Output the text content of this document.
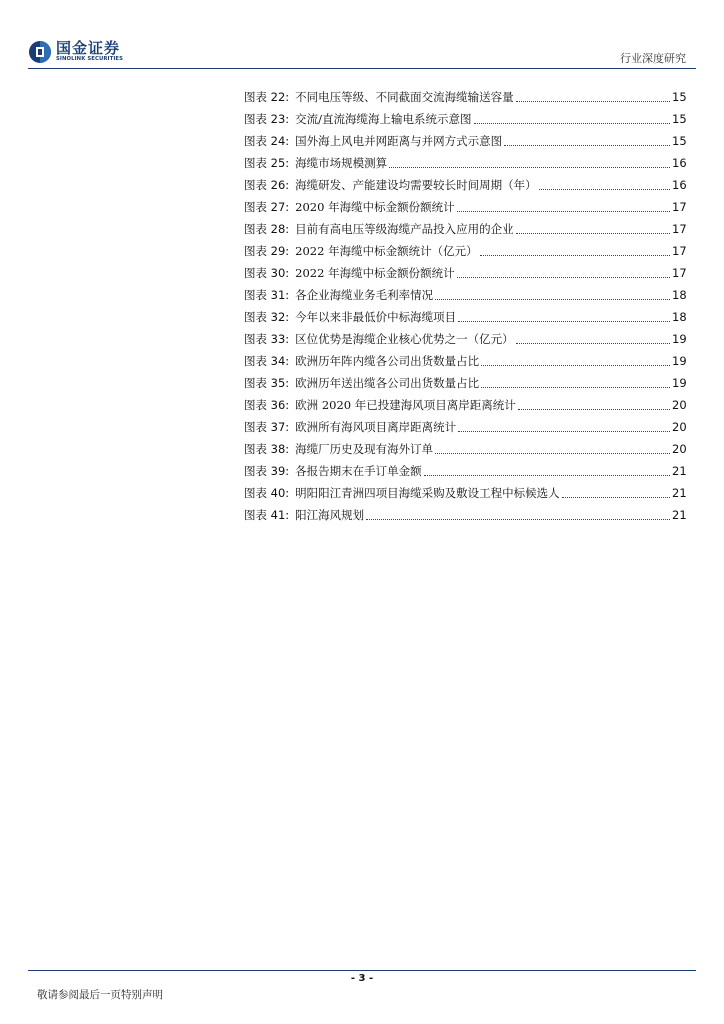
国金证券
SINOLINK SECURITIES	行业深度研究
图表 22: 不同电压等级、不同截面交流海缆输送容量	15
图表 23: 交流/直流海缆海上输电系统示意图	15
图表 24: 国外海上风电并网距离与并网方式示意图	15
图表 25: 海缆市场规模测算	16
图表 26: 海缆研发、产能建设均需要较长时间周期（年）	16
图表 27: 2020 年海缆中标金额份额统计	17
图表 28: 目前有高电压等级海缆产品投入应用的企业	17
图表 29: 2022 年海缆中标金额统计（亿元）	17
图表 30: 2022 年海缆中标金额份额统计	17
图表 31: 各企业海缆业务毛利率情况	18
图表 32: 今年以来非最低价中标海缆项目	18
图表 33: 区位优势是海缆企业核心优势之一（亿元）	19
图表 34: 欧洲历年阵内缆各公司出货数量占比	19
图表 35: 欧洲历年送出缆各公司出货数量占比	19
图表 36: 欧洲 2020 年已投建海风项目离岸距离统计	20
图表 37: 欧洲所有海风项目离岸距离统计	20
图表 38: 海缆厂历史及现有海外订单	20
图表 39: 各报告期末在手订单金额	21
图表 40: 明阳阳江青洲四项目海缆采购及敷设工程中标候选人	21
图表 41: 阳江海风规划	21
- 3 -
敬请参阅最后一页特别声明
